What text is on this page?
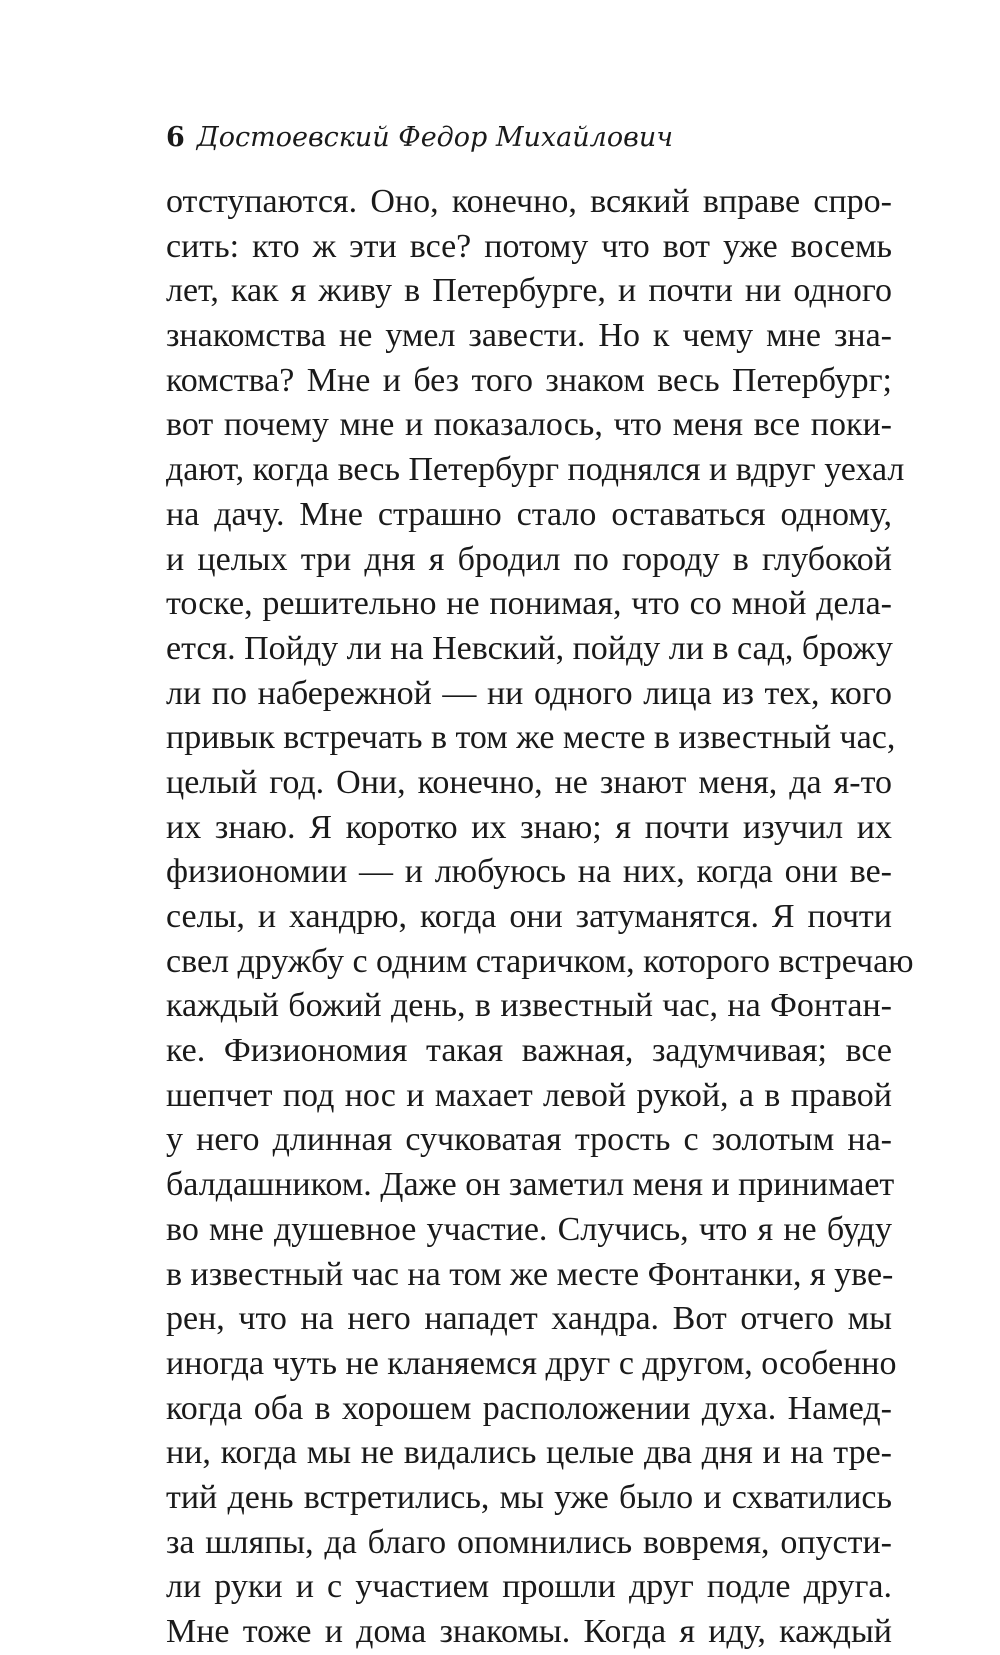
6 Достоевский Федор Михайлович
отступаются. Оно, конечно, всякий вправе спро-
сить: кто ж эти все? потому что вот уже восемь
лет, как я живу в Петербурге, и почти ни одного
знакомства не умел завести. Но к чему мне зна-
комства? Мне и без того знаком весь Петербург;
вот почему мне и показалось, что меня все поки-
дают, когда весь Петербург поднялся и вдруг уехал
на дачу. Мне страшно стало оставаться одному,
и целых три дня я бродил по городу в глубокой
тоске, решительно не понимая, что со мной дела-
ется. Пойду ли на Невский, пойду ли в сад, брожу
ли по набережной — ни одного лица из тех, кого
привык встречать в том же месте в известный час,
целый год. Они, конечно, не знают меня, да я-то
их знаю. Я коротко их знаю; я почти изучил их
физиономии — и любуюсь на них, когда они ве-
селы, и хандрю, когда они затуманятся. Я почти
свел дружбу с одним старичком, которого встречаю
каждый божий день, в известный час, на Фонтан-
ке. Физиономия такая важная, задумчивая; все
шепчет под нос и махает левой рукой, а в правой
у него длинная сучковатая трость с золотым на-
балдашником. Даже он заметил меня и принимает
во мне душевное участие. Случись, что я не буду
в известный час на том же месте Фонтанки, я уве-
рен, что на него нападет хандра. Вот отчего мы
иногда чуть не кланяемся друг с другом, особенно
когда оба в хорошем расположении духа. Намед-
ни, когда мы не видались целые два дня и на тре-
тий день встретились, мы уже было и схватились
за шляпы, да благо опомнились вовремя, опусти-
ли руки и с участием прошли друг подле друга.
Мне тоже и дома знакомы. Когда я иду, каждый
